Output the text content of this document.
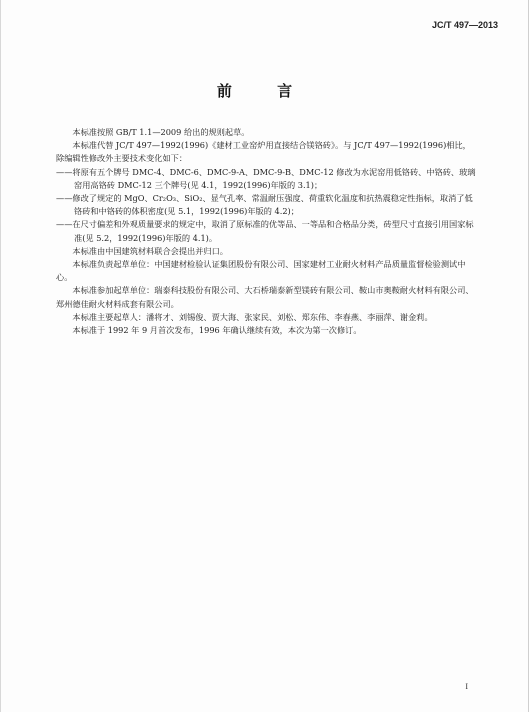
JC/T 497—2013
前 言

本标准按照 GB/T 1.1—2009 给出的规则起草。

本标准代替 JC/T 497—1992(1996)《建材工业窑炉用直接结合镁铬砖》。与 JC/T 497—1992(1996)相比，除编辑性修改外主要技术变化如下：

——将原有五个牌号 DMC-4、DMC-6、DMC-9-A、DMC-9-B、DMC-12 修改为水泥窑用低铬砖、中铬砖、玻璃窑用高铬砖 DMC-12 三个牌号(见 4.1，1992(1996)年版的 3.1)；

——修改了规定的 MgO、Cr₂O₃、SiO₂、显气孔率、常温耐压强度、荷重软化温度和抗热震稳定性指标，取消了低铬砖和中铬砖的体积密度(见 5.1，1992(1996)年版的 4.2)；

——在尺寸偏差和外观质量要求的规定中，取消了原标准的优等品、一等品和合格品分类，砖型尺寸直接引用国家标准(见 5.2，1992(1996)年版的 4.1)。

本标准由中国建筑材料联合会提出并归口。

本标准负责起草单位：中国建材检验认证集团股份有限公司、国家建材工业耐火材料产品质量监督检验测试中心。

本标准参加起草单位：瑞泰科技股份有限公司、大石桥瑞泰新型镁砖有限公司、鞍山市奥鞍耐火材料有限公司、郑州德佳耐火材料成套有限公司。

本标准主要起草人：潘将才、刘锡俊、贾大海、张家民、刘松、郑东伟、李春燕、李丽萍、谢金莉。

本标准于 1992 年 9 月首次发布，1996 年确认继续有效，本次为第一次修订。

I
